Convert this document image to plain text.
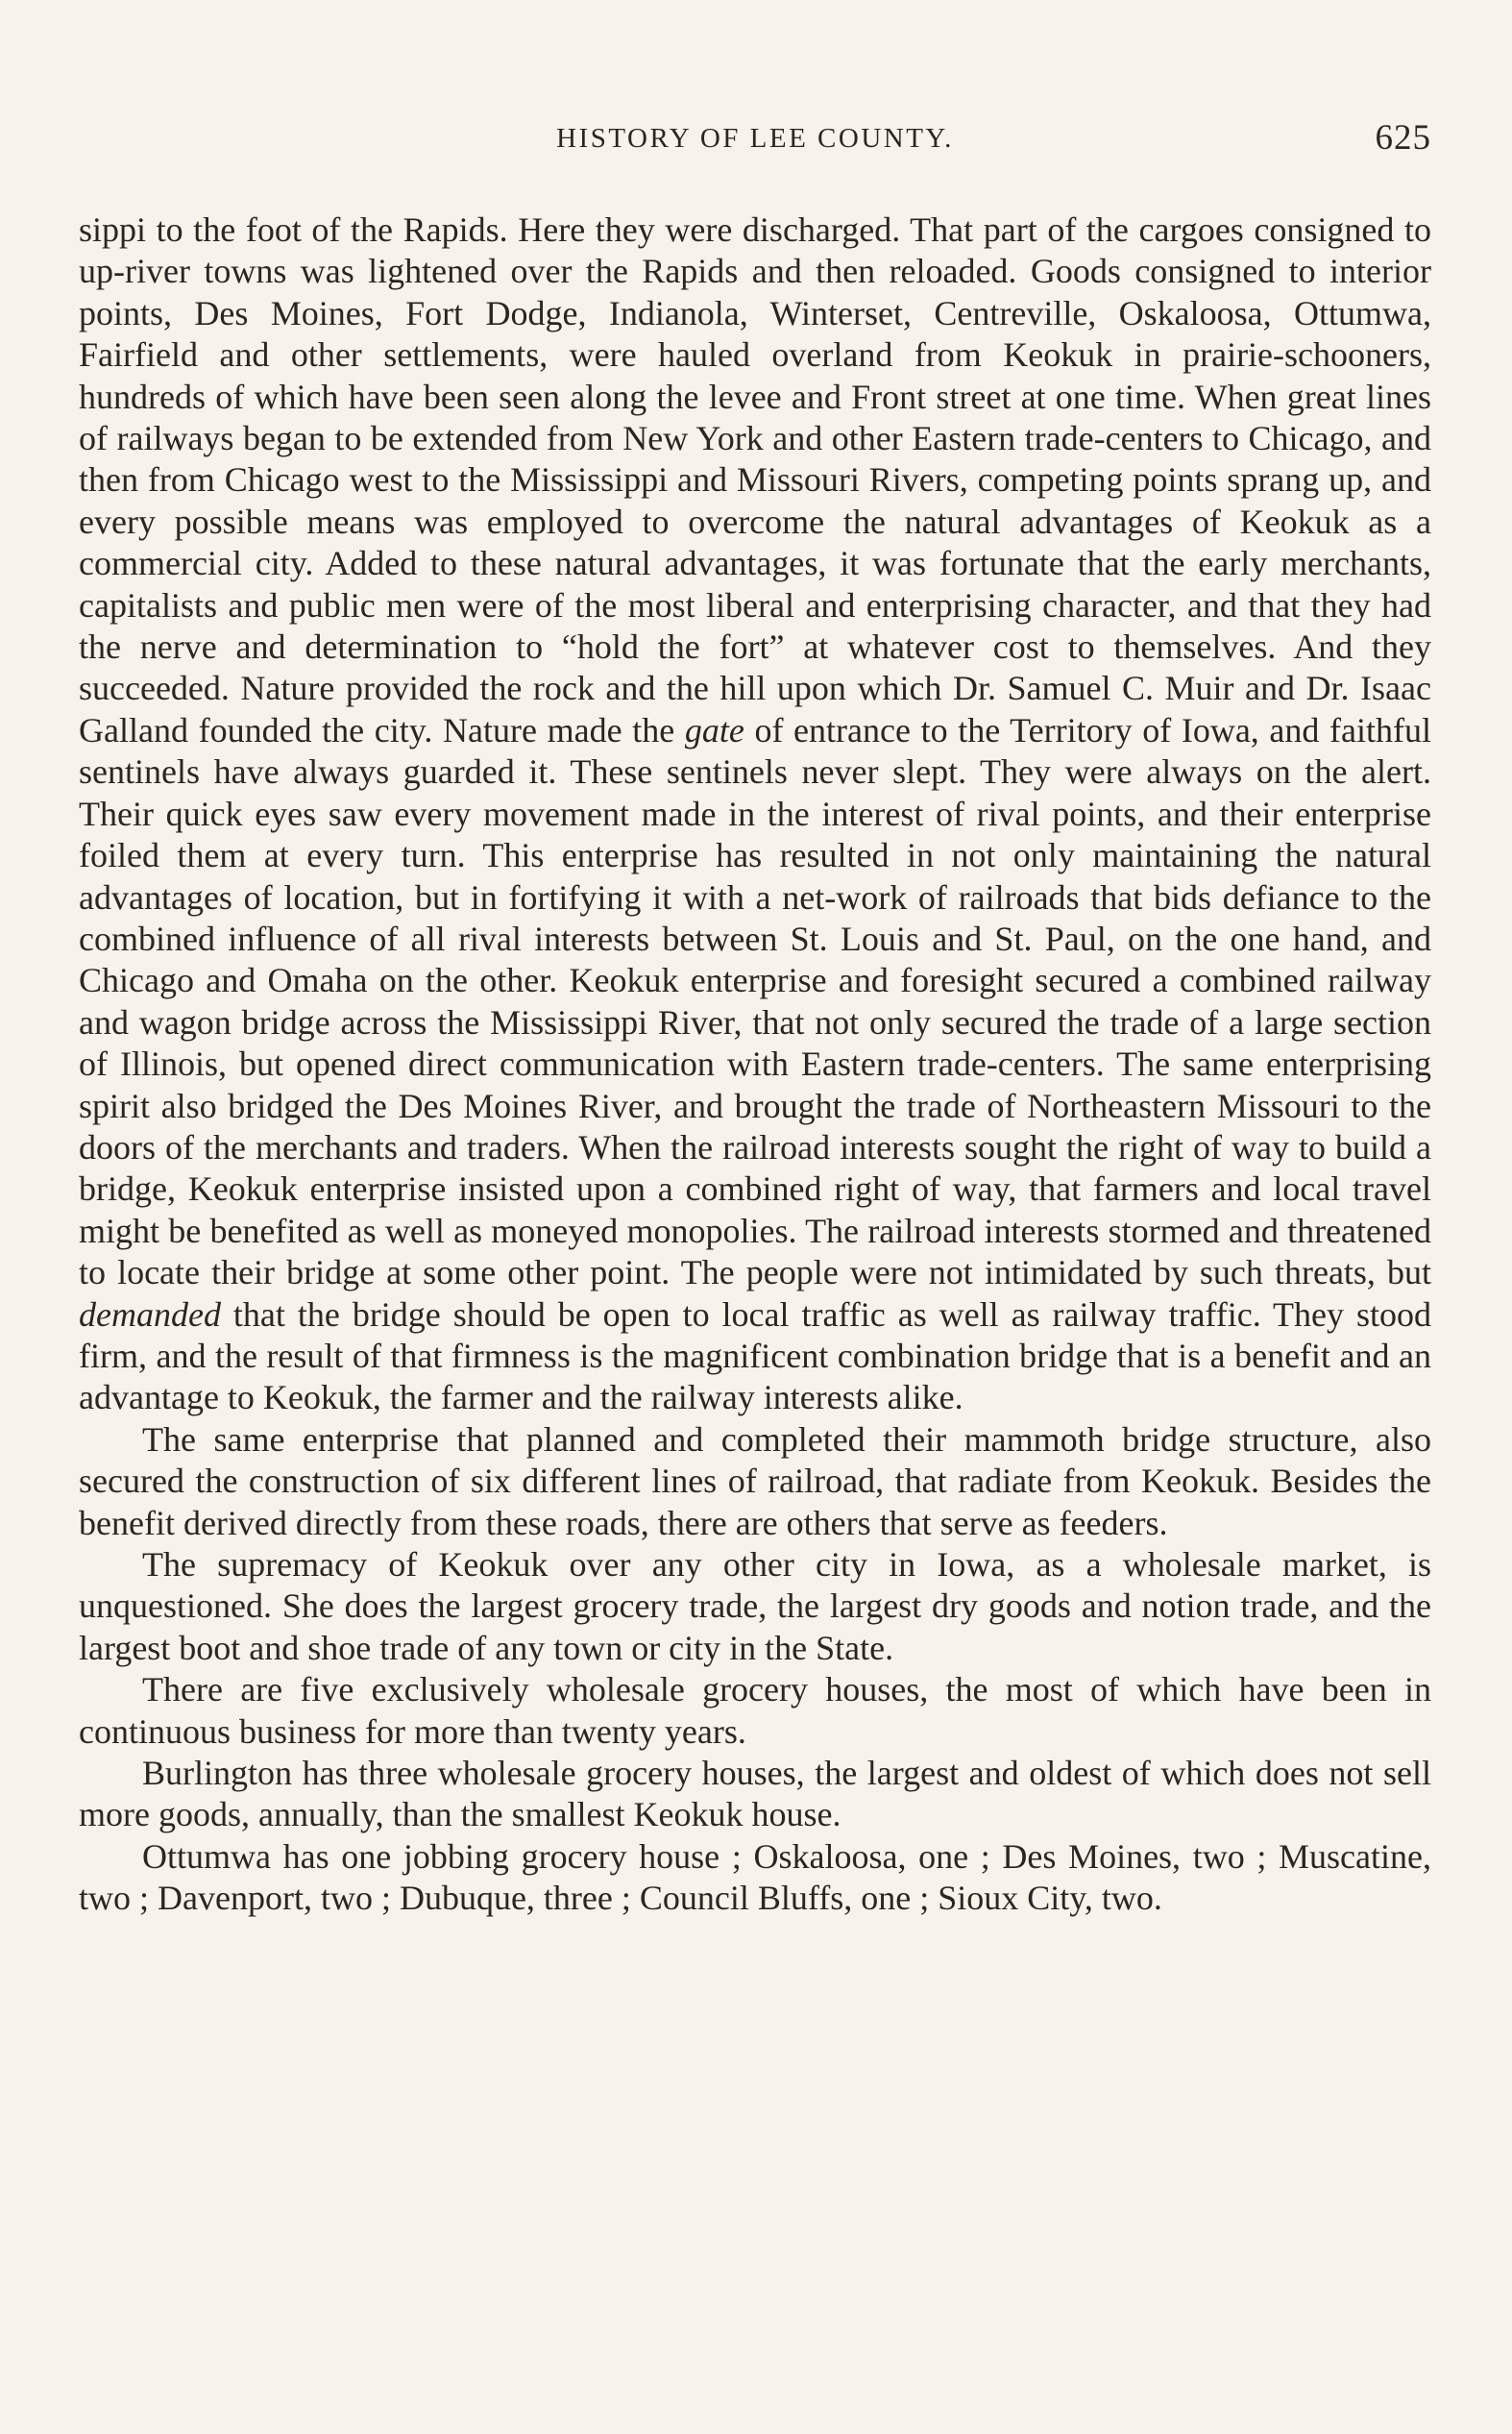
HISTORY OF LEE COUNTY.	625

sippi to the foot of the Rapids. Here they were discharged. That part of the cargoes consigned to up-river towns was lightened over the Rapids and then reloaded. Goods consigned to interior points, Des Moines, Fort Dodge, Indianola, Winterset, Centreville, Oskaloosa, Ottumwa, Fairfield and other settlements, were hauled overland from Keokuk in prairie-schooners, hundreds of which have been seen along the levee and Front street at one time. When great lines of railways began to be extended from New York and other Eastern trade-centers to Chicago, and then from Chicago west to the Mississippi and Missouri Rivers, competing points sprang up, and every possible means was employed to overcome the natural advantages of Keokuk as a commercial city. Added to these natural advantages, it was fortunate that the early merchants, capitalists and public men were of the most liberal and enterprising character, and that they had the nerve and determination to “hold the fort” at whatever cost to themselves. And they succeeded. Nature provided the rock and the hill upon which Dr. Samuel C. Muir and Dr. Isaac Galland founded the city. Nature made the gate of entrance to the Territory of Iowa, and faithful sentinels have always guarded it. These sentinels never slept. They were always on the alert. Their quick eyes saw every movement made in the interest of rival points, and their enterprise foiled them at every turn. This enterprise has resulted in not only maintaining the natural advantages of location, but in fortifying it with a net-work of railroads that bids defiance to the combined influence of all rival interests between St. Louis and St. Paul, on the one hand, and Chicago and Omaha on the other. Keokuk enterprise and foresight secured a combined railway and wagon bridge across the Mississippi River, that not only secured the trade of a large section of Illinois, but opened direct communication with Eastern trade-centers. The same enterprising spirit also bridged the Des Moines River, and brought the trade of Northeastern Missouri to the doors of the merchants and traders. When the railroad interests sought the right of way to build a bridge, Keokuk enterprise insisted upon a combined right of way, that farmers and local travel might be benefited as well as moneyed monopolies. The railroad interests stormed and threatened to locate their bridge at some other point. The people were not intimidated by such threats, but demanded that the bridge should be open to local traffic as well as railway traffic. They stood firm, and the result of that firmness is the magnificent combination bridge that is a benefit and an advantage to Keokuk, the farmer and the railway interests alike.

The same enterprise that planned and completed their mammoth bridge structure, also secured the construction of six different lines of railroad, that radiate from Keokuk. Besides the benefit derived directly from these roads, there are others that serve as feeders.

The supremacy of Keokuk over any other city in Iowa, as a wholesale market, is unquestioned. She does the largest grocery trade, the largest dry goods and notion trade, and the largest boot and shoe trade of any town or city in the State.

There are five exclusively wholesale grocery houses, the most of which have been in continuous business for more than twenty years.

Burlington has three wholesale grocery houses, the largest and oldest of which does not sell more goods, annually, than the smallest Keokuk house.

Ottumwa has one jobbing grocery house ; Oskaloosa, one ; Des Moines, two ; Muscatine, two ; Davenport, two ; Dubuque, three ; Council Bluffs, one ; Sioux City, two.
